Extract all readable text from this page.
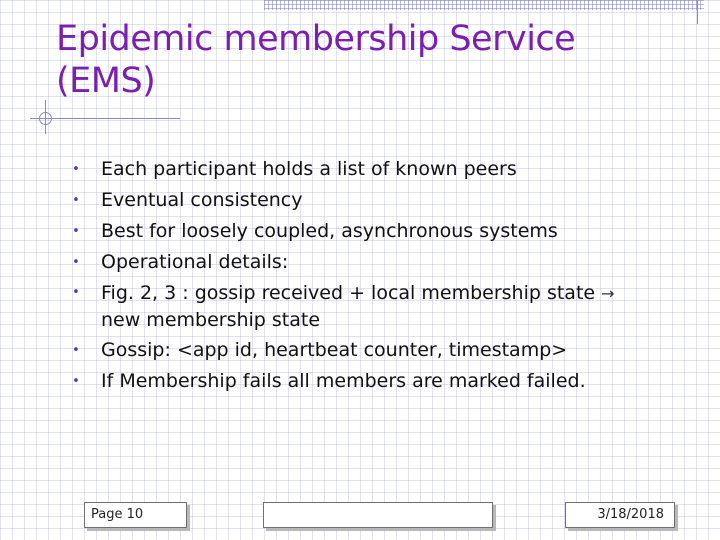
Epidemic membership Service
(EMS)
• Each participant holds a list of known peers
• Eventual consistency
• Best for loosely coupled, asynchronous systems
• Operational details:
• Fig. 2, 3 : gossip received + local membership state →
new membership state
• Gossip: <app id, heartbeat counter, timestamp>
• If Membership fails all members are marked failed.
Page 10	3/18/2018
